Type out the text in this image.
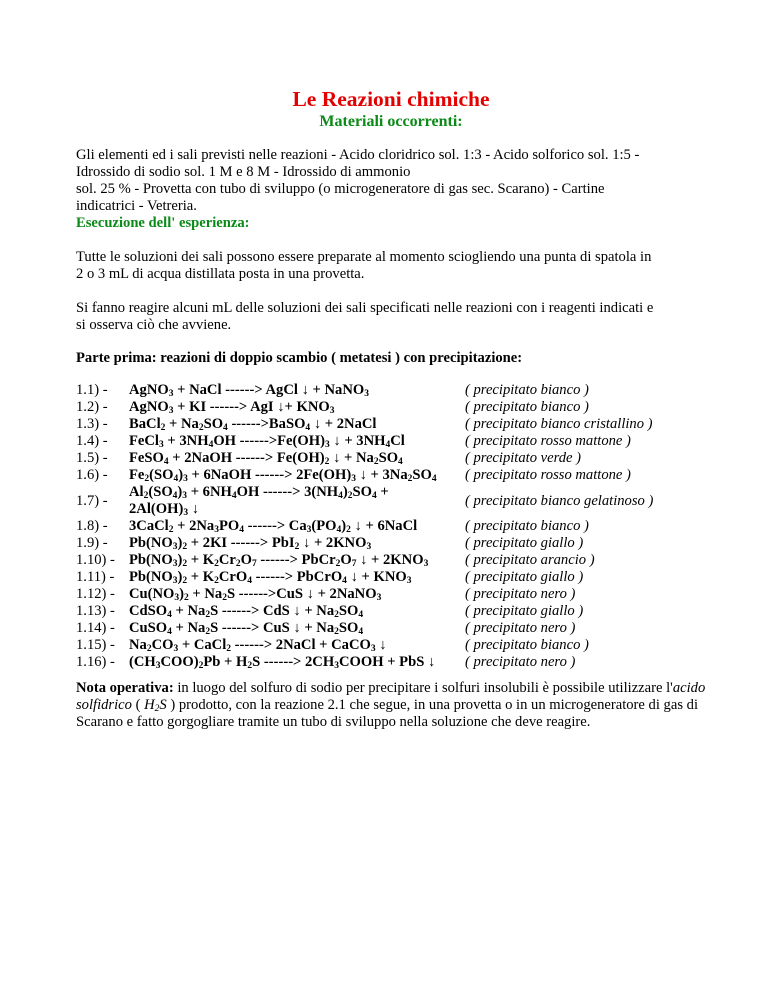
Le Reazioni chimiche
Materiali occorrenti:

Gli elementi ed i sali previsti nelle reazioni - Acido cloridrico sol. 1:3 - Acido solforico sol. 1:5 -
Idrossido di sodio sol. 1 M e 8 M - Idrossido di ammonio
sol. 25 % - Provetta con tubo di sviluppo (o microgeneratore di gas sec. Scarano) - Cartine
indicatrici - Vetreria.
Esecuzione dell' esperienza:

Tutte le soluzioni dei sali possono essere preparate al momento sciogliendo una punta di spatola in
2 o 3 mL di acqua distillata posta in una provetta.

Si fanno reagire alcuni mL delle soluzioni dei sali specificati nelle reazioni con i reagenti indicati e
si osserva ciò che avviene.

Parte prima: reazioni di doppio scambio ( metatesi ) con precipitazione:

1.1) -	AgNO$_3$ + NaCl ------> AgCl ↓ + NaNO$_3$	( precipitato bianco )
1.2) -	AgNO$_3$ + KI ------> AgI ↓+ $KNO_3$	( precipitato bianco )
1.3) -	BaCl$_2$ + $Na_2SO_4$ ------>BaSO$_4$ ↓ + 2NaCl	( precipitato bianco cristallino )
1.4) -	FeCl$_3$ + $3NH_4OH$ $------>Fe(OH)_3$ ↓ + $3NH_4Cl$	( precipitato rosso mattone )
1.5) -	FeSO$_4$ + 2NaOH ------> $Fe(OH)_2$ ↓ + $Na_2SO_4$	( precipitato verde )
1.6) -	$Fe_2(SO_4)_3$ + 6NaOH ------> $2Fe(OH)_3$ ↓ + $3Na_2SO_4$	( precipitato rosso mattone )
1.7) -	$Al_2(SO_4)_3 + 6NH_4OH$ ------> $3(NH_4)_2SO_4$ +
$2Al(OH)_3$ ↓	( precipitato bianco gelatinoso )
1.8) -	3CaCl$_2$ + $2Na_3PO_4$ ------> $Ca_3(PO_4)_2$ ↓ + 6NaCl	( precipitato bianco )
1.9) -	$Pb(NO_3)_2 + 2KI$ ------> PbI$_2$ ↓ + $2KNO_3$	( precipitato giallo )
1.10) -	$Pb(NO_3)_2 + K_2Cr_2O_7$ ------> $PbCr_2O_7$ ↓ + $2KNO_3$	( precipitato arancio )
1.11) -	$Pb(NO_3)_2 + K_2CrO_4$ ------> PbCrO$_4$ ↓ + $KNO_3$	( precipitato giallo )
1.12) -	$Cu(NO_3)_2 + Na_2S$ ------>CuS ↓ + 2NaNO$_3$	( precipitato nero )
1.13) -	CdSO$_4$ + $Na_2S$ ------> CdS ↓ + $Na_2SO_4$	( precipitato giallo )
1.14) -	CuSO$_4$ + $Na_2S$ ------> CuS ↓ + $Na_2SO_4$	( precipitato nero )
1.15) -	$Na_2CO_3$ + CaCl$_2$ ------> 2NaCl + CaCO$_3$ ↓	( precipitato bianco )
1.16) -	$(CH_3COO)_2Pb + H_2S$ ------> $2CH_3COOH$ + PbS ↓	( precipitato nero )

Nota operativa: in luogo del solfuro di sodio per precipitare i solfuri insolubili è possibile utilizzare l'acido solfidrico ( $H_2S$ ) prodotto, con la reazione 2.1 che segue, in una provetta o in un microgeneratore di gas di Scarano e fatto gorgogliare tramite un tubo di sviluppo nella soluzione che deve reagire.
